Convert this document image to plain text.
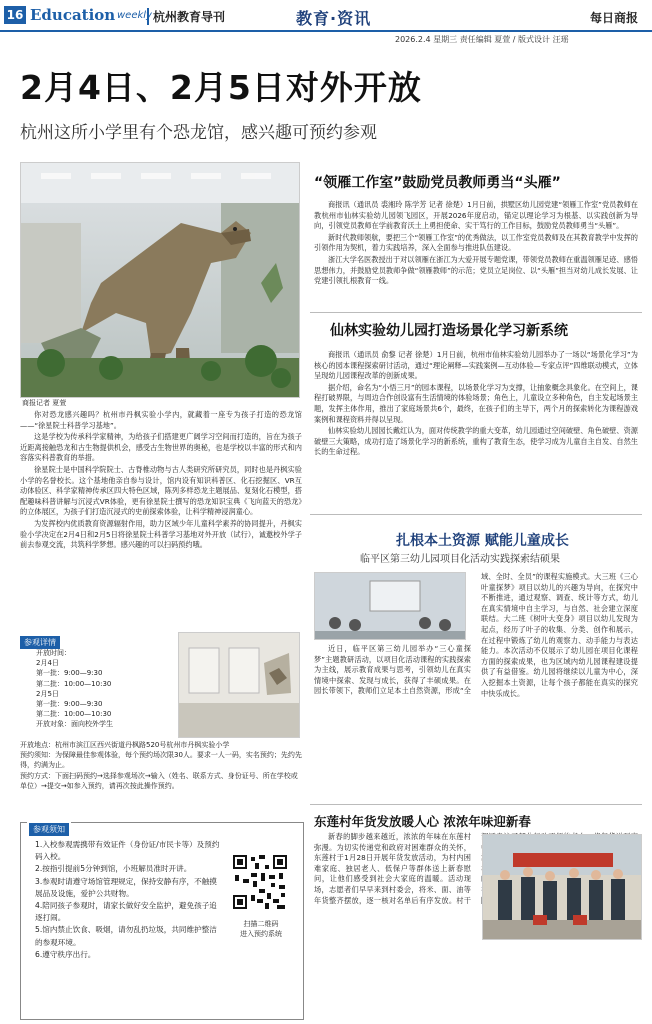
16 Education weekly 杭州教育导刊	教育·资讯	每日商报
2026.2.4 星期三 责任编辑 夏萱 / 版式设计 汪瑶
2月4日、2月5日对外开放
杭州这所小学里有个恐龙馆，感兴趣可预约参观
商报记者 夏萱

你对恐龙感兴趣吗？杭州市丹枫实验小学内，就藏着一座专为孩子打造的恐龙馆——“徐星院士科普学习基地”。

这是学校为传承科学家精神，为给孩子们搭建更广阔学习空间而打造的，旨在为孩子近距离接触恐龙和古生物提供机会，感受古生物世界的奥秘，也是学校以丰富的形式和内容落实科普教育的举措。

徐星院士是中国科学院院士、古脊椎动物与古人类研究所研究员，同时也是丹枫实验小学的名誉校长。这个基地他亲自参与设计，馆内设有知识科普区、化石挖掘区、VR互动体验区、科学家精神传承区四大特色区域，陈列多样恐龙主题展品、复刻化石模型，搭配趣味科普讲解与沉浸式VR体验，更有徐星院士撰写的恐龙知识宝典《飞向蓝天的恐龙》的立体展区，为孩子们打造沉浸式的史前探索体验，让科学精神浸润童心。

为发挥校内优质教育资源辐射作用，助力区域少年儿童科学素养的协同提升，丹枫实验小学决定在2月4日和2月5日将徐星院士科普学习基地对外开放（试行），诚邀校外学子前去参观交流，共筑科学梦想。感兴趣的可以扫码预约哦。

参观详情
开放时间：
2月4日
第一批：9:00—9:30
第二批：10:00—10:30
2月5日
第一批：9:00—9:30
第二批：10:00—10:30
开放对象：面向校外学生
开放地点：杭州市滨江区西兴街道丹枫路520号杭州市丹枫实验小学
预约须知：为保障最佳参观体验，每个预约场次限30人。要求一人一码，实名预约；先约先得，约满为止。
预约方式：下面扫码预约→选择参观场次→输入（姓名、联系方式、身份证号、所在学校或单位）→提交→如参入预约，请再次按此操作预约。
参观须知
1.入校参观需携带有效证件（身份证/市民卡等）及预约码入校。
2.按指引提前5分钟到馆，小班解员准时开讲。
3.参观时请遵守场馆管理规定，保持安静有序，不触摸展品及设施，爱护公共财物。
4.陪同孩子参观时，请家长做好安全监护，避免孩子追逐打闹。
5.馆内禁止饮食、吸烟，请勿乱扔垃圾，共同维护整洁的参观环境。
6.遵守秩序出行。
扫描二维码
进入预约系统
“领雁工作室”鼓励党员教师勇当“头雁”

商报讯（通讯员 裘湘玲 陈学芳 记者 徐楚）1月日前，拱墅区幼儿园党建“领雁工作室”党员教师在教杭州市仙林实验幼儿园领飞园区，开展2026年度启动，锚定以理论学习为根基、以实践创新为导向，引领党员教师在学前教育沃土上勇担使命、实干笃行的工作目标，鼓励党员教师勇当“头雁”。

新时代教师领航，要把三个“领雁工作室”的优秀做法，以工作室党员教师及在其教育教学中发挥的引领作用为契机，着力实践培养，深入全面参与推进队伍建设。

浙江大学名医教授出于对以领雁在浙江为大爱开展专题党课，带领党员教师在重温领雁足迹、感悟思想伟力，并鼓励党员教师争做“领雁教师”的示范；党员立足岗位、以“头雁”担当对幼儿成长发展、让党建引领扎根教育一线。

仙林实验幼儿园打造场景化学习新系统

商报讯（通讯员 俞黎 记者 徐楚）1月日前，杭州市仙林实验幼儿园举办了一场以“场景化学习”为核心的园本课程探索研讨活动，通过“理论阐释—实践案例—互动体验—专家点评”四维联动模式，立体呈现幼儿园课程改革的创新成果。

据介绍，命名为“小悟三月”的园本课程，以场景化学习为支撑，让抽象概念具象化。在空间上，课程打破界限，与周边合作创设富有生活情境的体验场景；角色上，儿童设立多种角色，自主发起场景主题，发挥主体作用，推出了家庭场景共6个，最终，在孩子们的主导下，两个月的探索转化为课程游戏案例和课程资料并得以呈现。

仙林实验幼儿园园长戴红认为，面对传统教学的重大变革，幼儿园通过空间破壁、角色破壁、资源破壁三大策略，成功打造了场景化学习的新系统，重构了教育生态，使学习成为儿童自主自发、自然生长的生命过程。

扎根本土资源 赋能儿童成长
临平区第三幼儿园项目化活动实践探索结硕果

近日，临平区第三幼儿园举办“三心童探梦”主题教研活动，以项目化活动课程的实践探索为主线，展示教育成果与思考，引领幼儿在真实情境中探索、发现与成长，获得了丰硕成果。在园长带领下，教师们立足本土自然资源，形成“全域、全时、全员”的课程实施模式。大三班《三心叶童探梦》项目以幼儿的兴趣为导向，在探究中不断推进，通过观察、调查、统计等方式，幼儿在真实情境中自主学习，与自然、社会建立深度联结。大二班《树叶大变身》项目以幼儿发现为起点，经历了叶子的收集、分类、创作和展示，在过程中锻炼了幼儿的观察力、动手能力与表达能力。本次活动不仅展示了幼儿园在项目化课程方面的探索成果，也为区域内幼儿园课程建设提供了有益借鉴。幼儿园将继续以儿童为中心，深入挖掘本土资源，让每个孩子都能在真实的探究中快乐成长。

东莲村年货发放暖人心 浓浓年味迎新春

新春的脚步越来越近，浓浓的年味在东莲村弥漫。为切实传递党和政府对困难群众的关怀，东莲村于1月28日开展年货发放活动，为村内困难家庭、独居老人、低保户等群体送上新春慰问，让他们感受到社会大家庭的温暖。活动现场，志愿者们早早来到村委会，将米、面、油等年货整齐摆放，逐一核对名单后有序发放。村干
